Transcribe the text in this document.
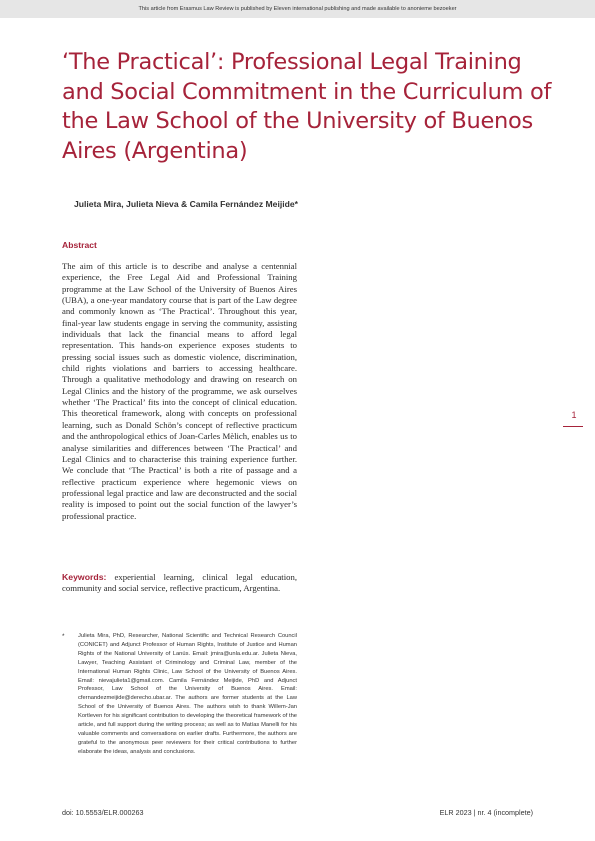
This article from Erasmus Law Review is published by Eleven international publishing and made available to anonieme bezoeker
‘The Practical’: Professional Legal Training and Social Commitment in the Curriculum of the Law School of the University of Buenos Aires (Argentina)
Julieta Mira, Julieta Nieva & Camila Fernández Meijide*
Abstract

The aim of this article is to describe and analyse a centennial experience, the Free Legal Aid and Professional Training programme at the Law School of the University of Buenos Aires (UBA), a one-year mandatory course that is part of the Law degree and commonly known as ‘The Practical’. Throughout this year, final-year law students engage in serving the community, assisting individuals that lack the financial means to afford legal representation. This hands-on experience exposes students to pressing social issues such as domestic violence, discrimination, child rights violations and barriers to accessing healthcare. Through a qualitative methodology and drawing on research on Legal Clinics and the history of the programme, we ask ourselves whether ‘The Practical’ fits into the concept of clinical education. This theoretical framework, along with concepts on professional learning, such as Donald Schön’s concept of reflective practicum and the anthropological ethics of Joan-Carles Mèlich, enables us to analyse similarities and differences between ‘The Practical’ and Legal Clinics and to characterise this training experience further. We conclude that ‘The Practical’ is both a rite of passage and a reflective practicum experience where hegemonic views on professional legal practice and law are deconstructed and the social reality is imposed to point out the social function of the lawyer’s professional practice.

Keywords: experiential learning, clinical legal education, community and social service, reflective practicum, Argentina.

* Julieta Mira, PhD, Researcher, National Scientific and Technical Research Council (CONICET) and Adjunct Professor of Human Rights, Institute of Justice and Human Rights of the National University of Lanús. Email: jmira@unla.edu.ar. Julieta Nieva, Lawyer, Teaching Assistant of Criminology and Criminal Law, member of the International Human Rights Clinic, Law School of the University of Buenos Aires. Email: nievajulieta1@gmail.com. Camila Fernández Meijide, PhD and Adjunct Professor, Law School of the University of Buenos Aires. Email: cfernandezmeijide@derecho.ubar.ar. The authors are former students at the Law School of the University of Buenos Aires. The authors wish to thank Willem-Jan Kortleven for his significant contribution to developing the theoretical framework of the article, and full support during the writing process; as well as to Matías Manelli for his valuable comments and conversations on earlier drafts. Furthermore, the authors are grateful to the anonymous peer reviewers for their critical contributions to further elaborate the ideas, analysis and conclusions.

1
doi: 10.5553/ELR.000263	ELR 2023 | nr. 4 (incomplete)
